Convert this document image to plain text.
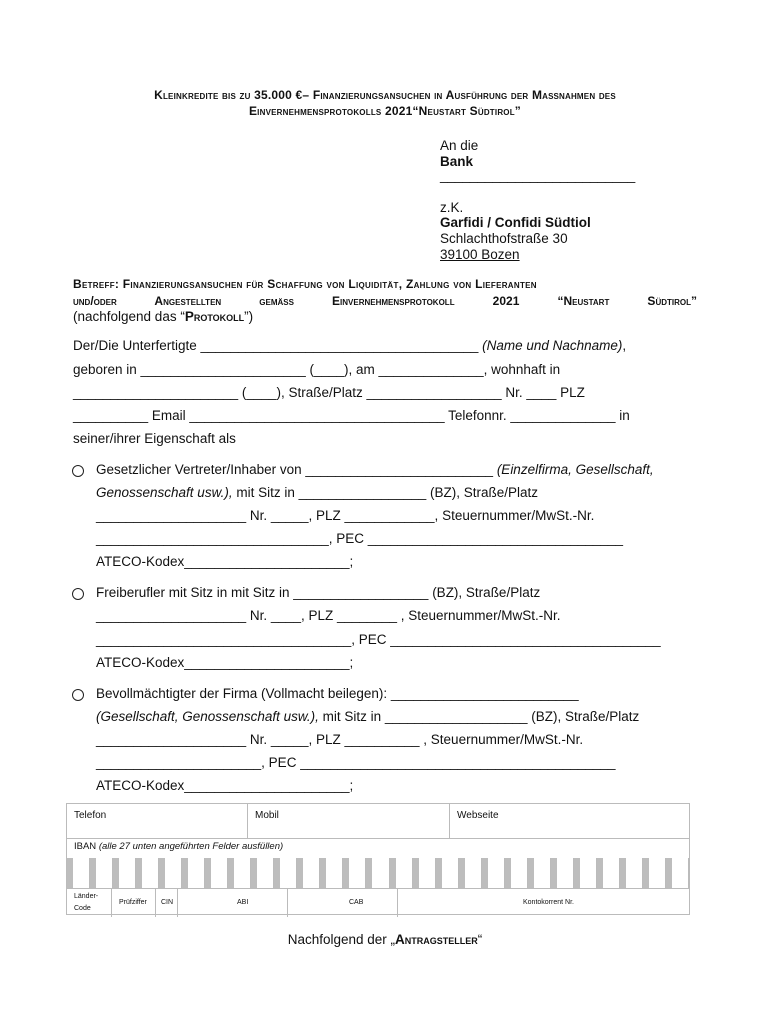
Kleinkredite bis zu 35.000 €– Finanzierungsansuchen in Ausführung der Maßnahmen des
Einvernehmensprotokolls 2021“Neustart Südtirol”
An die
Bank
__________________________
z.K.
Garfidi / Confidi Südtiol
Schlachthofstraße 30
39100 Bozen
Betreff: Finanzierungsansuchen für Schaffung von Liquidität, Zahlung von Lieferanten
und/oder Angestellten gemäß Einvernehmensprotokoll 2021 “Neustart Südtirol”
(nachfolgend das “Protokoll”)
Der/Die Unterfertigte _____________________________________ (Name und Nachname),
geboren in ______________________ (____), am ______________, wohnhaft in
______________________ (____), Straße/Platz __________________ Nr. ____ PLZ
__________ Email __________________________________ Telefonnr. ______________ in
seiner/ihrer Eigenschaft als
Gesetzlicher Vertreter/Inhaber von _________________________ (Einzelfirma, Gesellschaft,
Genossenschaft usw.), mit Sitz in _________________ (BZ), Straße/Platz
____________________ Nr. _____, PLZ ____________, Steuernummer/MwSt.-Nr.
_______________________________, PEC __________________________________
ATECO-Kodex______________________;
Freiberufler mit Sitz in mit Sitz in __________________ (BZ), Straße/Platz
____________________ Nr. ____, PLZ ________ , Steuernummer/MwSt.-Nr.
__________________________________, PEC ____________________________________
ATECO-Kodex______________________;
Bevollmächtigter der Firma (Vollmacht beilegen): _________________________
(Gesellschaft, Genossenschaft usw.), mit Sitz in ___________________ (BZ), Straße/Platz
____________________ Nr. _____, PLZ __________ , Steuernummer/MwSt.-Nr.
______________________, PEC __________________________________________
ATECO-Kodex______________________;
Telefon	Mobil	Webseite
IBAN (alle 27 unten angeführten Felder ausfüllen)
Länder-
Code
Prüfziffer CIN	ABI	CAB	Kontokorrent Nr.
Nachfolgend der „Antragsteller“
